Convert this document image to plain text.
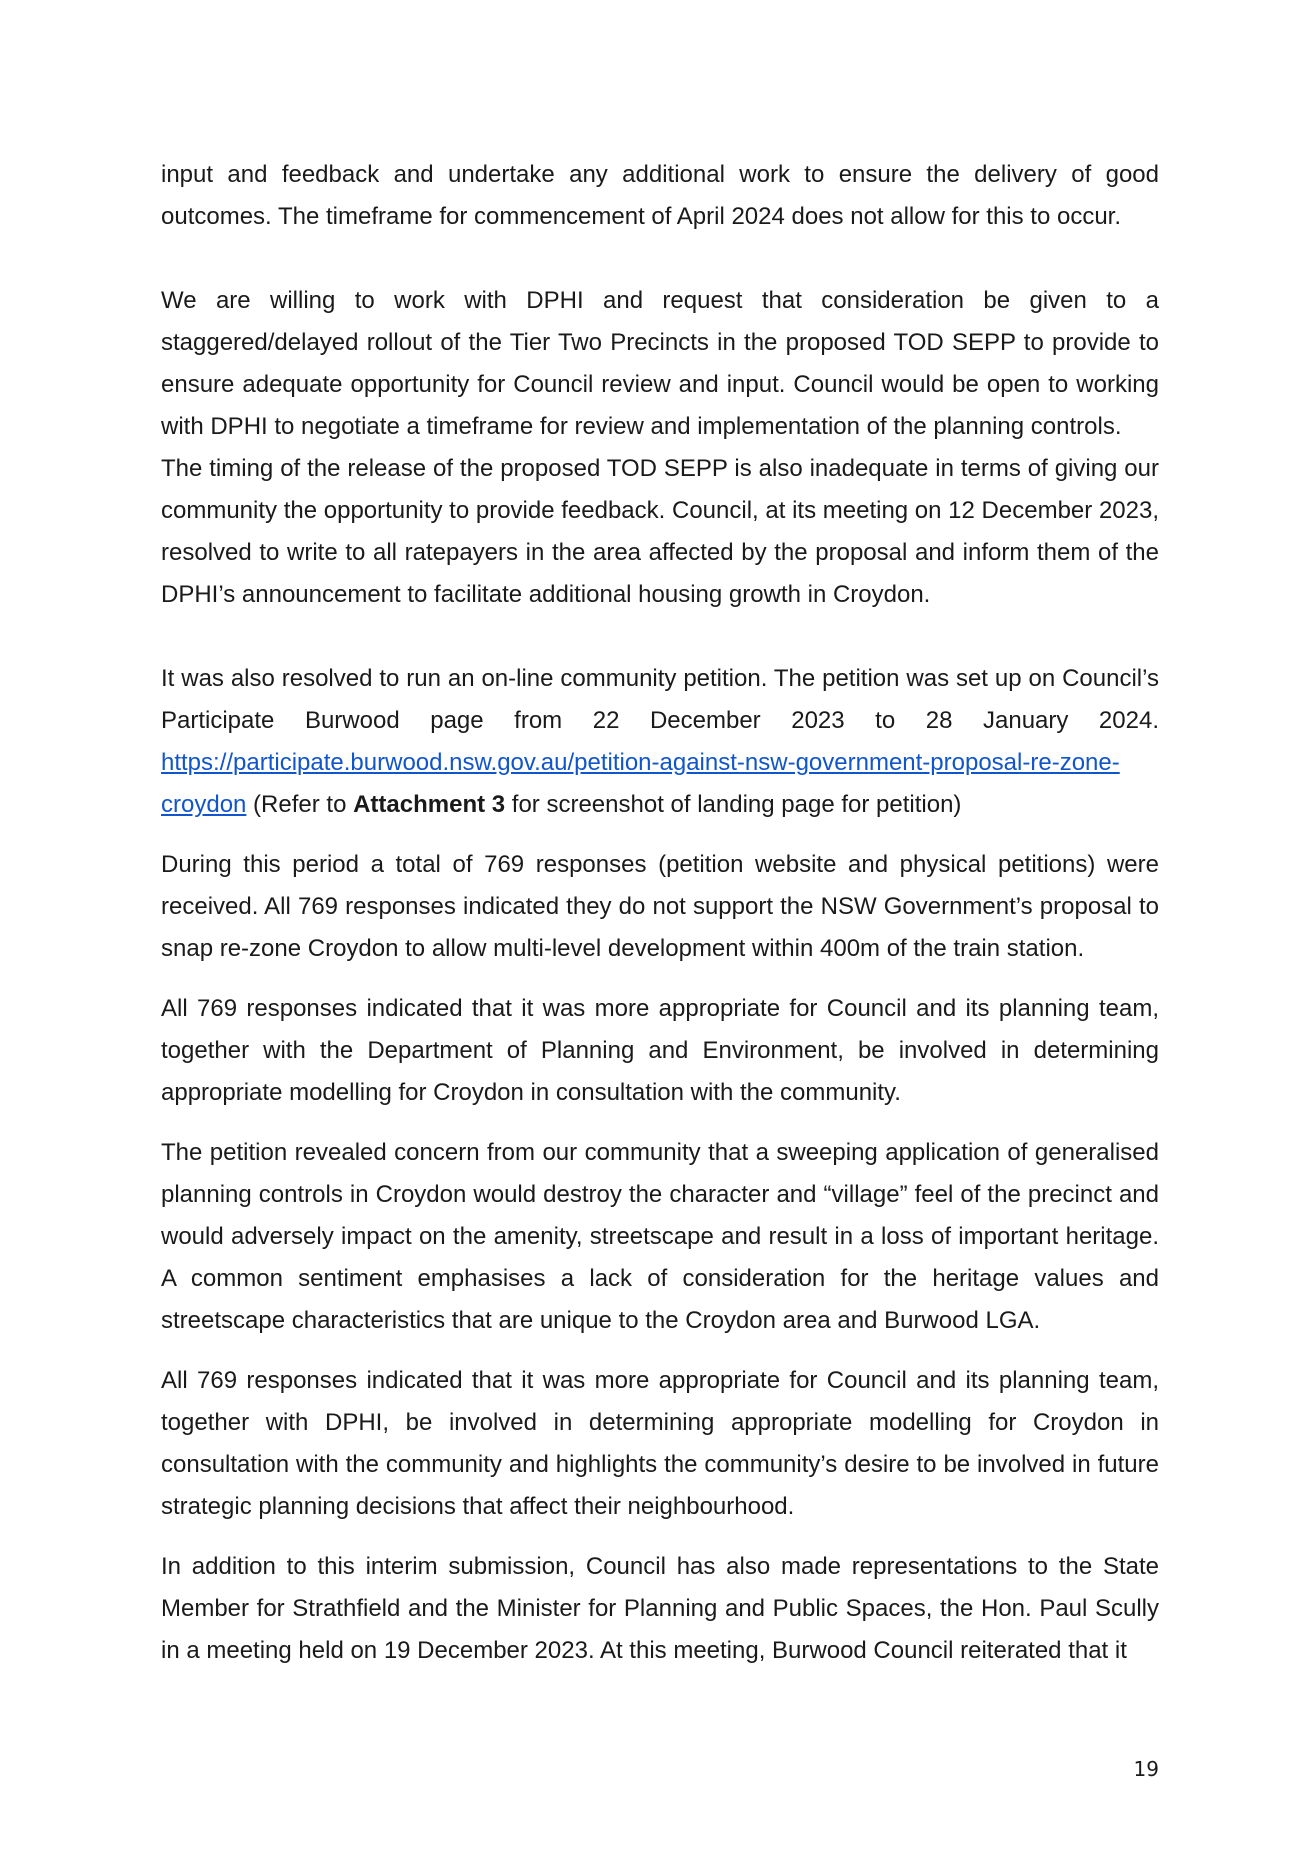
input and feedback and undertake any additional work to ensure the delivery of good outcomes. The timeframe for commencement of April 2024 does not allow for this to occur.

We are willing to work with DPHI and request that consideration be given to a staggered/delayed rollout of the Tier Two Precincts in the proposed TOD SEPP to provide to ensure adequate opportunity for Council review and input. Council would be open to working with DPHI to negotiate a timeframe for review and implementation of the planning controls.

The timing of the release of the proposed TOD SEPP is also inadequate in terms of giving our community the opportunity to provide feedback. Council, at its meeting on 12 December 2023, resolved to write to all ratepayers in the area affected by the proposal and inform them of the DPHI’s announcement to facilitate additional housing growth in Croydon.

It was also resolved to run an on-line community petition. The petition was set up on Council’s Participate Burwood page from 22 December 2023 to 28 January 2024. https://participate.burwood.nsw.gov.au/petition-against-nsw-government-proposal-re-zone-croydon (Refer to Attachment 3 for screenshot of landing page for petition)

During this period a total of 769 responses (petition website and physical petitions) were received. All 769 responses indicated they do not support the NSW Government’s proposal to snap re-zone Croydon to allow multi-level development within 400m of the train station.

All 769 responses indicated that it was more appropriate for Council and its planning team, together with the Department of Planning and Environment, be involved in determining appropriate modelling for Croydon in consultation with the community.

The petition revealed concern from our community that a sweeping application of generalised planning controls in Croydon would destroy the character and “village” feel of the precinct and would adversely impact on the amenity, streetscape and result in a loss of important heritage. A common sentiment emphasises a lack of consideration for the heritage values and streetscape characteristics that are unique to the Croydon area and Burwood LGA.

All 769 responses indicated that it was more appropriate for Council and its planning team, together with DPHI, be involved in determining appropriate modelling for Croydon in consultation with the community and highlights the community’s desire to be involved in future strategic planning decisions that affect their neighbourhood.

In addition to this interim submission, Council has also made representations to the State Member for Strathfield and the Minister for Planning and Public Spaces, the Hon. Paul Scully in a meeting held on 19 December 2023. At this meeting, Burwood Council reiterated that it

19
